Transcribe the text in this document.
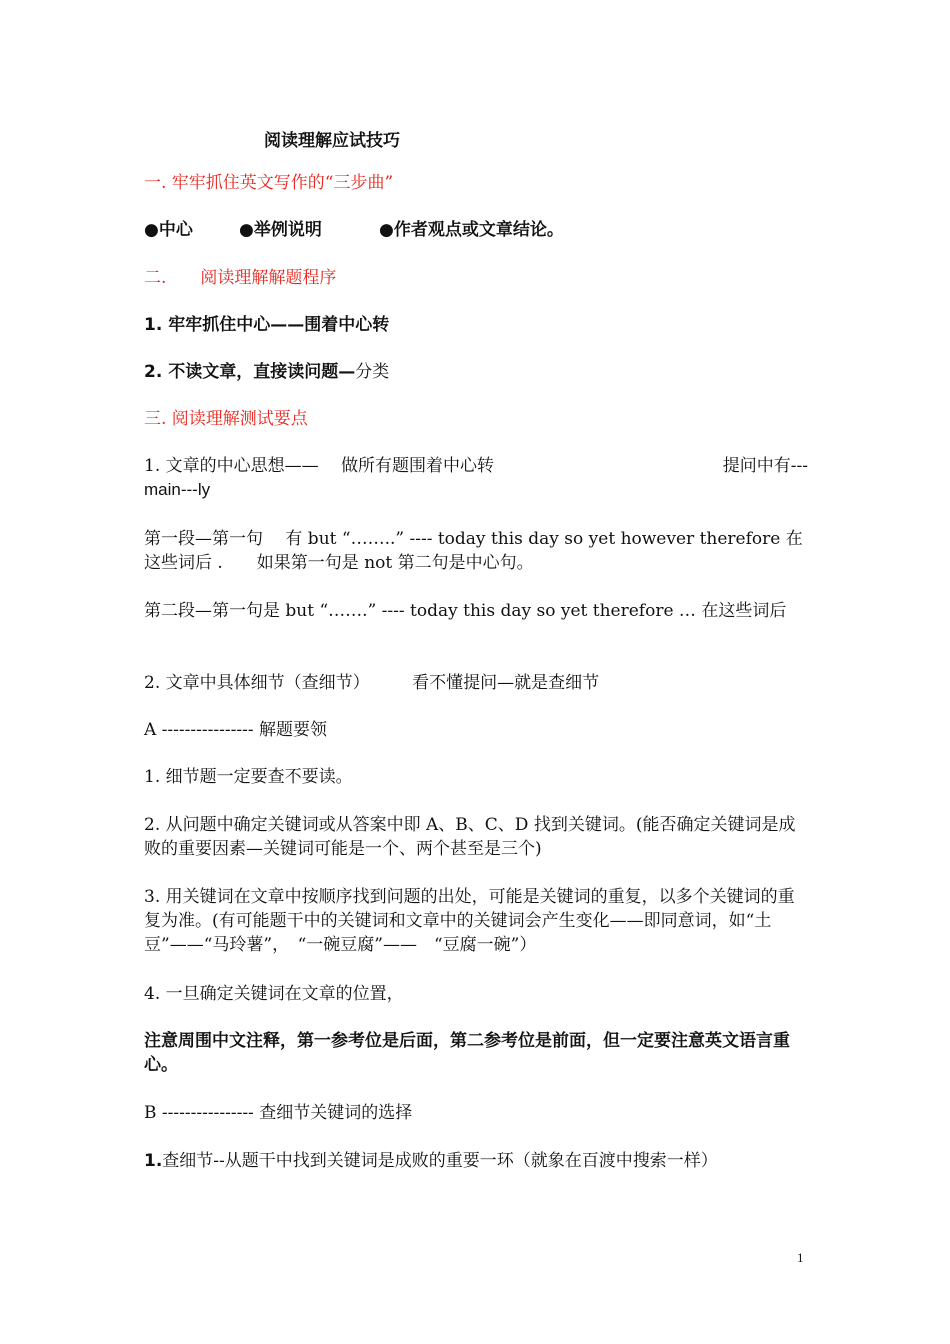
阅读理解应试技巧
一. 牢牢抓住英文写作的“三步曲”
●中心	●举例说明	●作者观点或文章结论。
二.　　阅读理解解题程序
1. 牢牢抓住中心——围着中心转
2. 不读文章，直接读问题—分类
三. 阅读理解测试要点
1. 文章的中心思想——　 做所有题围着中心转	提问中有---
main---ly
第一段—第一句　 有 but “……..” ---- today this day so yet however therefore 在这些词后 .　　如果第一句是 not 第二句是中心句。
第二段—第一句是 but “…….” ---- today this day so yet therefore … 在这些词后
2. 文章中具体细节（查细节）　　　看不懂提问—就是查细节
A ---------------- 解题要领
1. 细节题一定要查不要读。
2. 从问题中确定关键词或从答案中即 A、B、C、D 找到关键词。(能否确定关键词是成败的重要因素—关键词可能是一个、两个甚至是三个)
3. 用关键词在文章中按顺序找到问题的出处，可能是关键词的重复，以多个关键词的重复为准。(有可能题干中的关键词和文章中的关键词会产生变化——即同意词，如“土豆”——“马玲薯”，　“一碗豆腐”——　“豆腐一碗”）
4. 一旦确定关键词在文章的位置，
注意周围中文注释，第一参考位是后面，第二参考位是前面，但一定要注意英文语言重心。
B ---------------- 查细节关键词的选择
1.查细节--从题干中找到关键词是成败的重要一环（就象在百渡中搜索一样）
1
